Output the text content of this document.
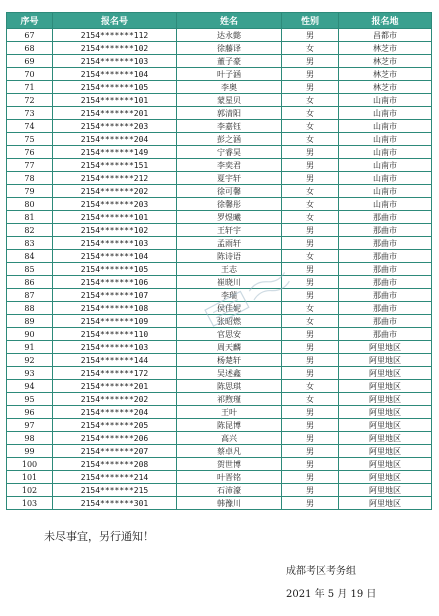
序号	报名号	姓名	性别	报名地
67	2154*******112	达永懿	男	昌都市
68	2154*******102	徐藤译	女	林芝市
69	2154*******103	董子豪	男	林芝市
70	2154*******104	叶子涵	男	林芝市
71	2154*******105	李奥	男	林芝市
72	2154*******101	蒙星贝	女	山南市
73	2154*******201	郭清阳	女	山南市
74	2154*******203	李嘉钰	女	山南市
75	2154*******204	彭之涵	女	山南市
76	2154*******149	宁睿昊	男	山南市
77	2154*******151	李奕君	男	山南市
78	2154*******212	夏宇轩	男	山南市
79	2154*******202	徐可馨	女	山南市
80	2154*******203	徐馨彤	女	山南市
81	2154*******101	罗煜曦	女	那曲市
82	2154*******102	王轩宇	男	那曲市
83	2154*******103	孟雨轩	男	那曲市
84	2154*******104	陈诗语	女	那曲市
85	2154*******105	王志	男	那曲市
86	2154*******106	崔晓川	男	那曲市
87	2154*******107	李瑞	男	那曲市
88	2154*******108	侯佳妮	女	那曲市
89	2154*******109	张昭燃	女	那曲市
90	2154*******110	官思安	男	那曲市
91	2154*******103	周天麟	男	阿里地区
92	2154*******144	杨楚轩	男	阿里地区
93	2154*******172	吴述鑫	男	阿里地区
94	2154*******201	陈思琪	女	阿里地区
95	2154*******202	祁煦瑾	女	阿里地区
96	2154*******204	王叶	男	阿里地区
97	2154*******205	陈昆博	男	阿里地区
98	2154*******206	高兴	男	阿里地区
99	2154*******207	蔡卓凡	男	阿里地区
100	2154*******208	贺世博	男	阿里地区
101	2154*******214	叶晋铭	男	阿里地区
102	2154*******215	石沛濠	男	阿里地区
103	2154*******301	韩豫川	男	阿里地区
未尽事宜，另行通知！
成都考区考务组
2021 年 5 月 19 日
